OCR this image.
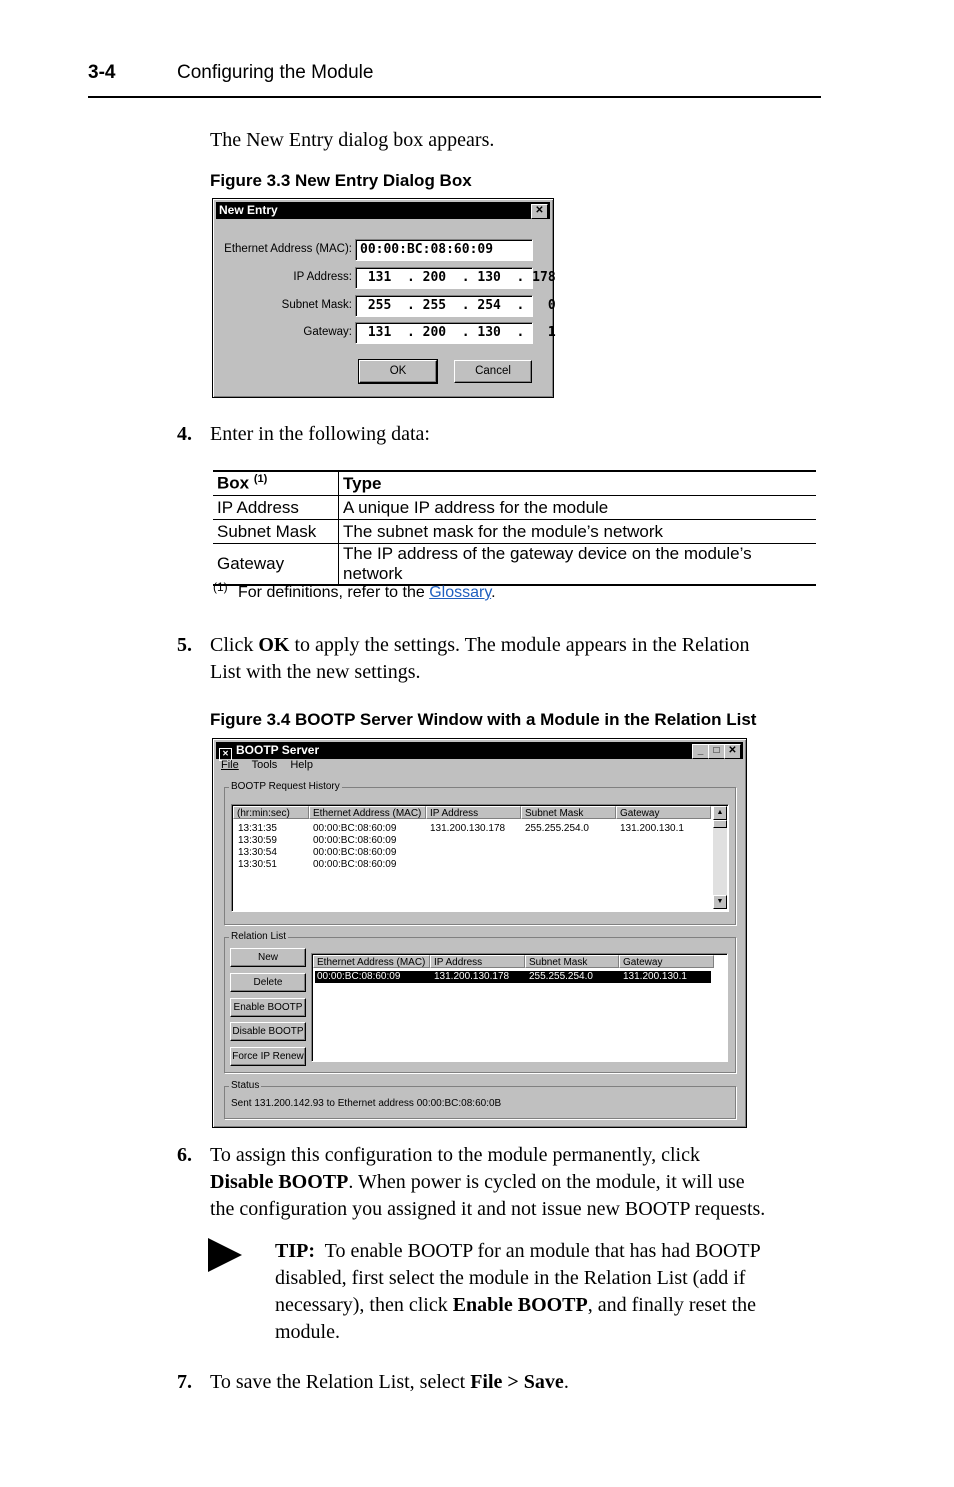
3-4	Configuring the Module
The New Entry dialog box appears.
Figure 3.3 New Entry Dialog Box
New Entry	✕
Ethernet Address (MAC): 00:00:BC:08:60:09
IP Address: 131  . 200  . 130  . 178
Subnet Mask: 255  . 255  . 254  .   0
Gateway: 131  . 200  . 130  .   1
OK	Cancel
4. Enter in the following data:
Box $^{(1)}$	Type
IP Address	A unique IP address for the module
Subnet Mask	The subnet mask for the module’s network
Gateway	The IP address of the gateway device on the module’s network
(1) For definitions, refer to the Glossary.
5. Click OK to apply the settings. The module appears in the Relation
List with the new settings.
Figure 3.4 BOOTP Server Window with a Module in the Relation List
✕ BOOTP Server	_	□ ✕
File Tools Help
BOOTP Request History
(hr:min:sec)	Ethernet Address (MAC) IP Address	Subnet Mask	Gateway
13:31:35	00:00:BC:08:60:09	131.200.130.178 255.255.254.0	131.200.130.1
13:30:59	00:00:BC:08:60:09
13:30:54	00:00:BC:08:60:09
13:30:51	00:00:BC:08:60:09
▲
▼
Relation List
New
Delete
Enable BOOTP
Disable BOOTP
Force IP Renew
Ethernet Address (MAC) IP Address	Subnet Mask	Gateway
00:00:BC:08:60:09	131.200.130.178 255.255.254.0	131.200.130.1
Status
Sent 131.200.142.93 to Ethernet address 00:00:BC:08:60:0B
6. To assign this configuration to the module permanently, click
Disable BOOTP. When power is cycled on the module, it will use
the configuration you assigned it and not issue new BOOTP requests.
TIP:  To enable BOOTP for an module that has had BOOTP
disabled, first select the module in the Relation List (add if
necessary), then click Enable BOOTP, and finally reset the
module.
7. To save the Relation List, select File > Save.
